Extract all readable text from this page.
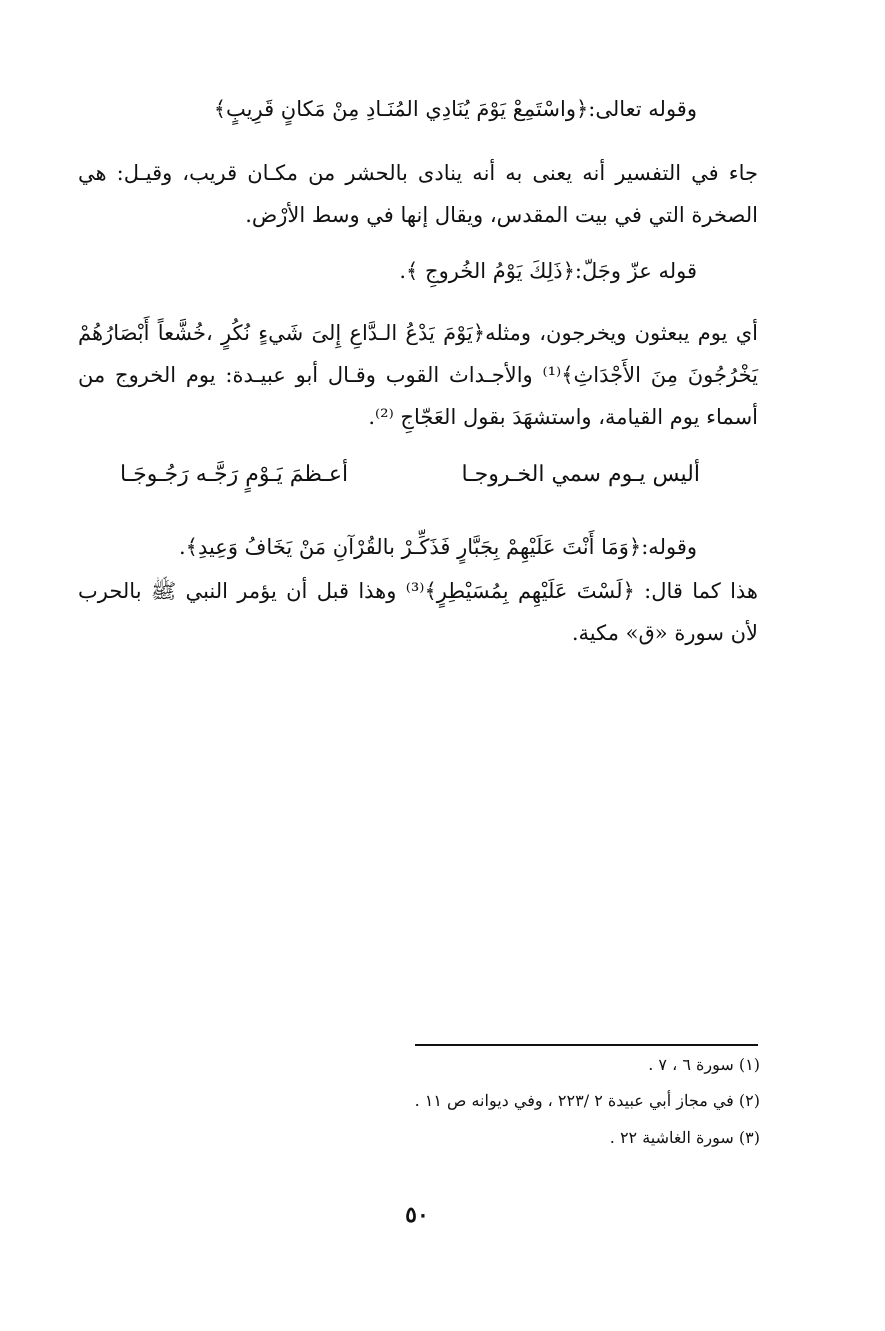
وقوله تعالى:﴿واسْتَمِعْ يَوْمَ يُنَادِي المُنَـادِ مِنْ مَكانٍ قَرِيبٍ﴾

جاء في التفسير أنه يعنى به أنه ينادى بالحشر من مكـان قريب، وقيـل: هي الصخرة التي في بيت المقدس، ويقال إنها في وسط الأرْض.

قوله عزّ وجَلّ:﴿ذَلِكَ يَوْمُ الخُروجِ ﴾.

أي يوم يبعثون ويخرجون، ومثله﴿يَوْمَ يَدْعُ الـدَّاعِ إِلىَ شَيءٍ نُكُرٍ ،خُشَّعاً أَبْصَارُهُمْ يَخْرُجُونَ مِنَ الأَجْدَاثِ﴾⁽¹⁾ والأجـداث القوب وقـال أبو عبيـدة: يوم الخروج من أسماء يوم القيامة، واستشهَدَ بقول العَجّاجِ ⁽²⁾.

أليس يـوم سمي الخـروجـا
أعـظمَ يَـوْمٍ رَجَّـه رَجُـوجَـا

وقوله:﴿وَمَا أَنْتَ عَلَيْهِمْ بِجَبَّارٍ فَذَكِّـرْ بالقُرْآنِ مَنْ يَخَافُ وَعِيدِ﴾.

هذا كما قال: ﴿لَسْتَ عَلَيْهِم بِمُسَيْطِرٍ﴾⁽³⁾ وهذا قبل أن يؤمر النبي ﷺ بالحرب لأن سورة «ق» مكية.

(١) سورة ٦ ، ٧ .

(٢) في مجاز أبي عبيدة ٢ /٢٢٣ ، وفي ديوانه ص ١١ .

(٣) سورة الغاشية ٢٢ .

٥٠
